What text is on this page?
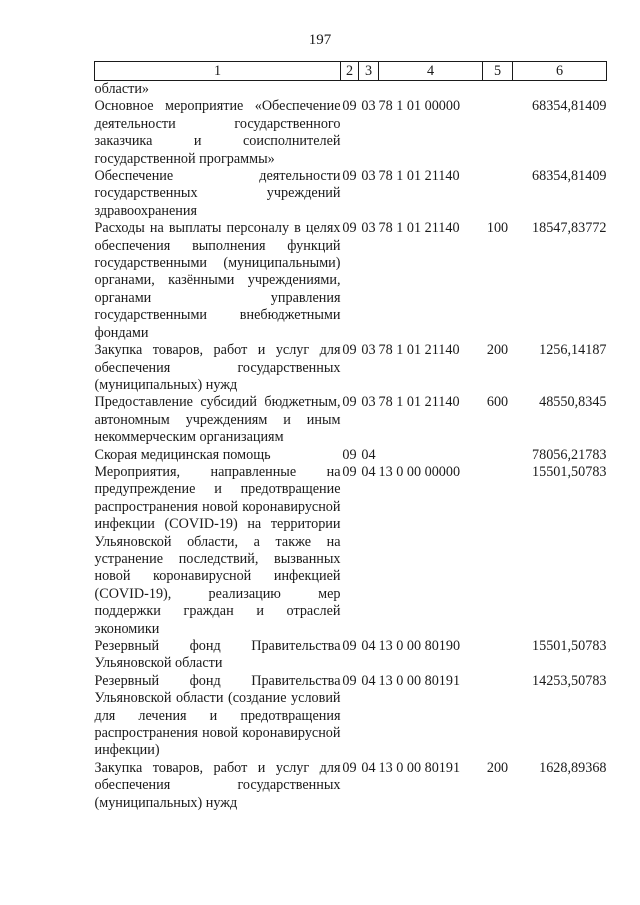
197
1	2	3	4	5	6
области»					
Основное мероприятие «Обеспечение деятельности государственного заказчика и соисполнителей государственной программы»	09	03	78 1 01 00000		68354,81409
Обеспечение деятельности государственных учреждений здравоохранения	09	03	78 1 01 21140		68354,81409
Расходы на выплаты персоналу в целях обеспечения выполнения функций государственными (муниципальными) органами, казёнными учреждениями, органами управления государственными внебюджетными фондами	09	03	78 1 01 21140	100	18547,83772
Закупка товаров, работ и услуг для обеспечения государственных (муниципальных) нужд	09	03	78 1 01 21140	200	1256,14187
Предоставление субсидий бюджетным, автономным учреждениям и иным некоммерческим организациям	09	03	78 1 01 21140	600	48550,8345
Скорая медицинская помощь	09	04			78056,21783
Мероприятия, направленные на предупреждение и предотвращение распространения новой коронавирусной инфекции (COVID-19) на территории Ульяновской области, а также на устранение последствий, вызванных новой коронавирусной инфекцией (COVID-19), реализацию мер поддержки граждан и отраслей экономики	09	04	13 0 00 00000		15501,50783
Резервный фонд Правительства Ульяновской области	09	04	13 0 00 80190		15501,50783
Резервный фонд Правительства Ульяновской области (создание условий для лечения и предотвращения распространения новой коронавирусной инфекции)	09	04	13 0 00 80191		14253,50783
Закупка товаров, работ и услуг для обеспечения государственных (муниципальных) нужд	09	04	13 0 00 80191	200	1628,89368
